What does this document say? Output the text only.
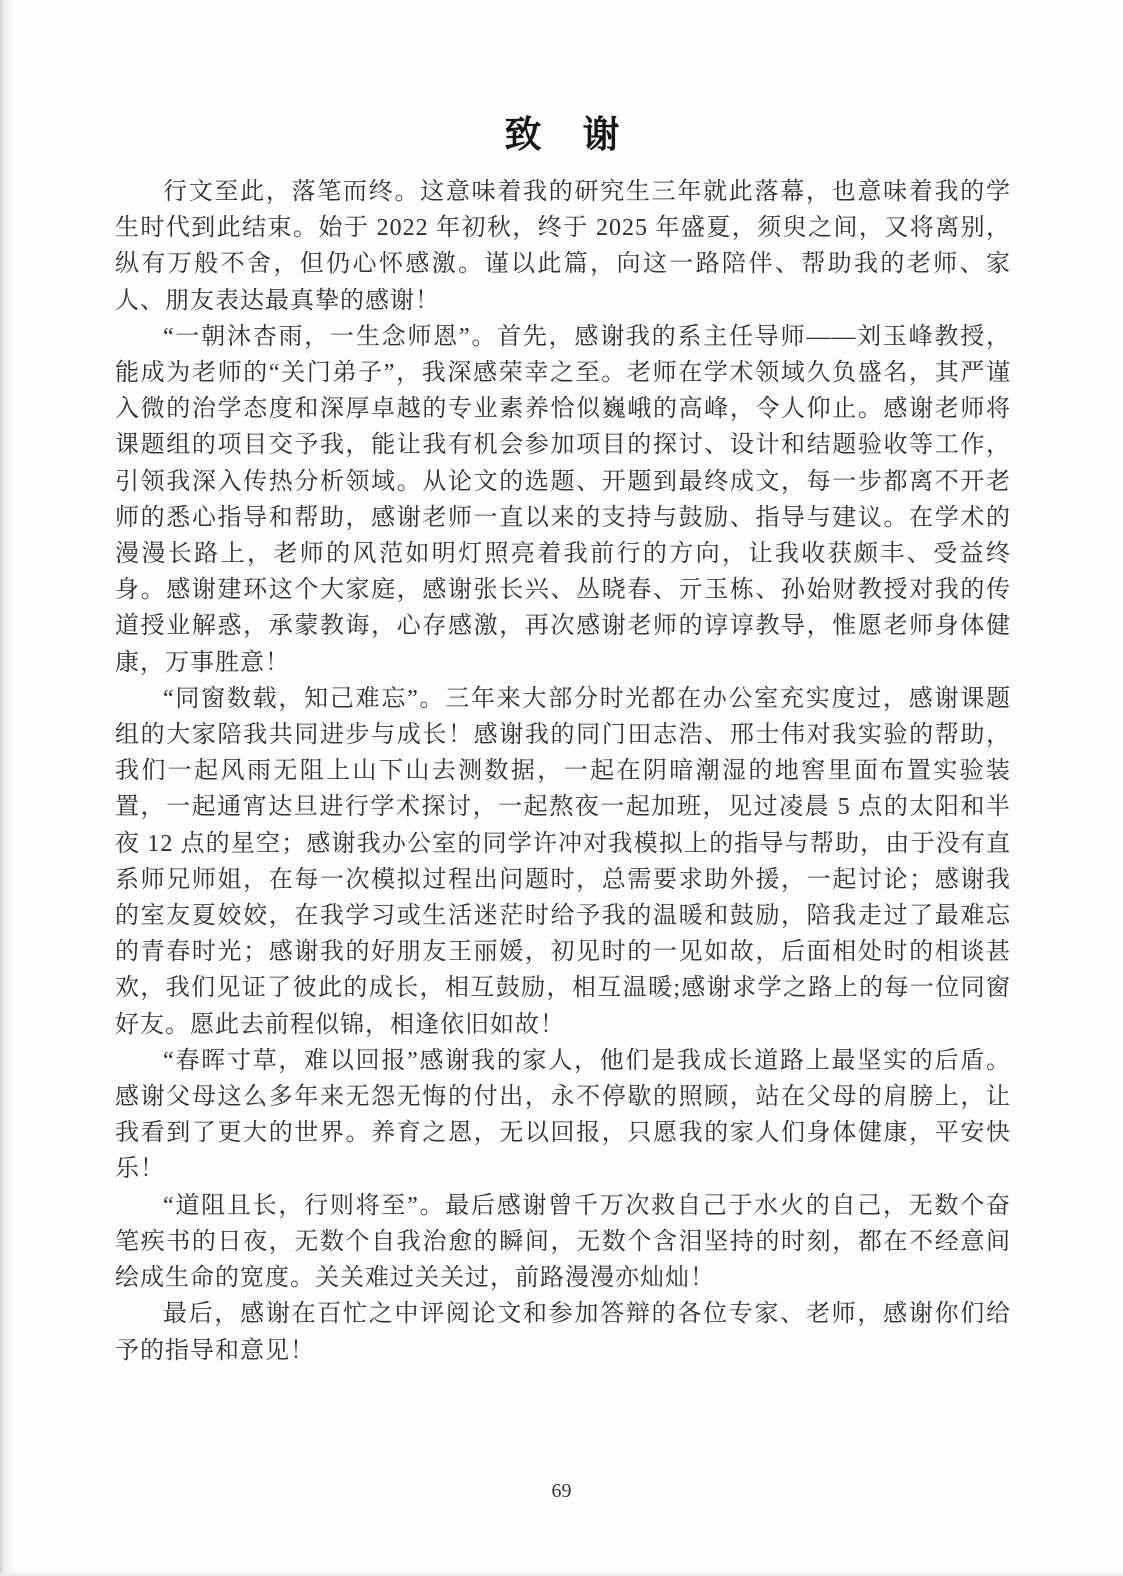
致　谢

行文至此，落笔而终。这意味着我的研究生三年就此落幕，也意味着我的学生时代到此结束。始于 2022 年初秋，终于 2025 年盛夏，须臾之间，又将离别，纵有万般不舍，但仍心怀感激。谨以此篇，向这一路陪伴、帮助我的老师、家人、朋友表达最真挚的感谢！

“一朝沐杏雨，一生念师恩”。首先，感谢我的系主任导师——刘玉峰教授，能成为老师的“关门弟子”，我深感荣幸之至。老师在学术领域久负盛名，其严谨入微的治学态度和深厚卓越的专业素养恰似巍峨的高峰，令人仰止。感谢老师将课题组的项目交予我，能让我有机会参加项目的探讨、设计和结题验收等工作，引领我深入传热分析领域。从论文的选题、开题到最终成文，每一步都离不开老师的悉心指导和帮助，感谢老师一直以来的支持与鼓励、指导与建议。在学术的漫漫长路上，老师的风范如明灯照亮着我前行的方向，让我收获颇丰、受益终身。感谢建环这个大家庭，感谢张长兴、丛晓春、亓玉栋、孙始财教授对我的传道授业解惑，承蒙教诲，心存感激，再次感谢老师的谆谆教导，惟愿老师身体健康，万事胜意！

“同窗数载，知己难忘”。三年来大部分时光都在办公室充实度过，感谢课题组的大家陪我共同进步与成长！感谢我的同门田志浩、邢士伟对我实验的帮助，我们一起风雨无阻上山下山去测数据，一起在阴暗潮湿的地窖里面布置实验装置，一起通宵达旦进行学术探讨，一起熬夜一起加班，见过凌晨 5 点的太阳和半夜 12 点的星空；感谢我办公室的同学许冲对我模拟上的指导与帮助，由于没有直系师兄师姐，在每一次模拟过程出问题时，总需要求助外援，一起讨论；感谢我的室友夏姣姣，在我学习或生活迷茫时给予我的温暖和鼓励，陪我走过了最难忘的青春时光；感谢我的好朋友王丽媛，初见时的一见如故，后面相处时的相谈甚欢，我们见证了彼此的成长，相互鼓励，相互温暖;感谢求学之路上的每一位同窗好友。愿此去前程似锦，相逢依旧如故！

“春晖寸草，难以回报”感谢我的家人，他们是我成长道路上最坚实的后盾。感谢父母这么多年来无怨无悔的付出，永不停歇的照顾，站在父母的肩膀上，让我看到了更大的世界。养育之恩，无以回报，只愿我的家人们身体健康，平安快乐！

“道阻且长，行则将至”。最后感谢曾千万次救自己于水火的自己，无数个奋笔疾书的日夜，无数个自我治愈的瞬间，无数个含泪坚持的时刻，都在不经意间绘成生命的宽度。关关难过关关过，前路漫漫亦灿灿！

最后，感谢在百忙之中评阅论文和参加答辩的各位专家、老师，感谢你们给予的指导和意见！

69
